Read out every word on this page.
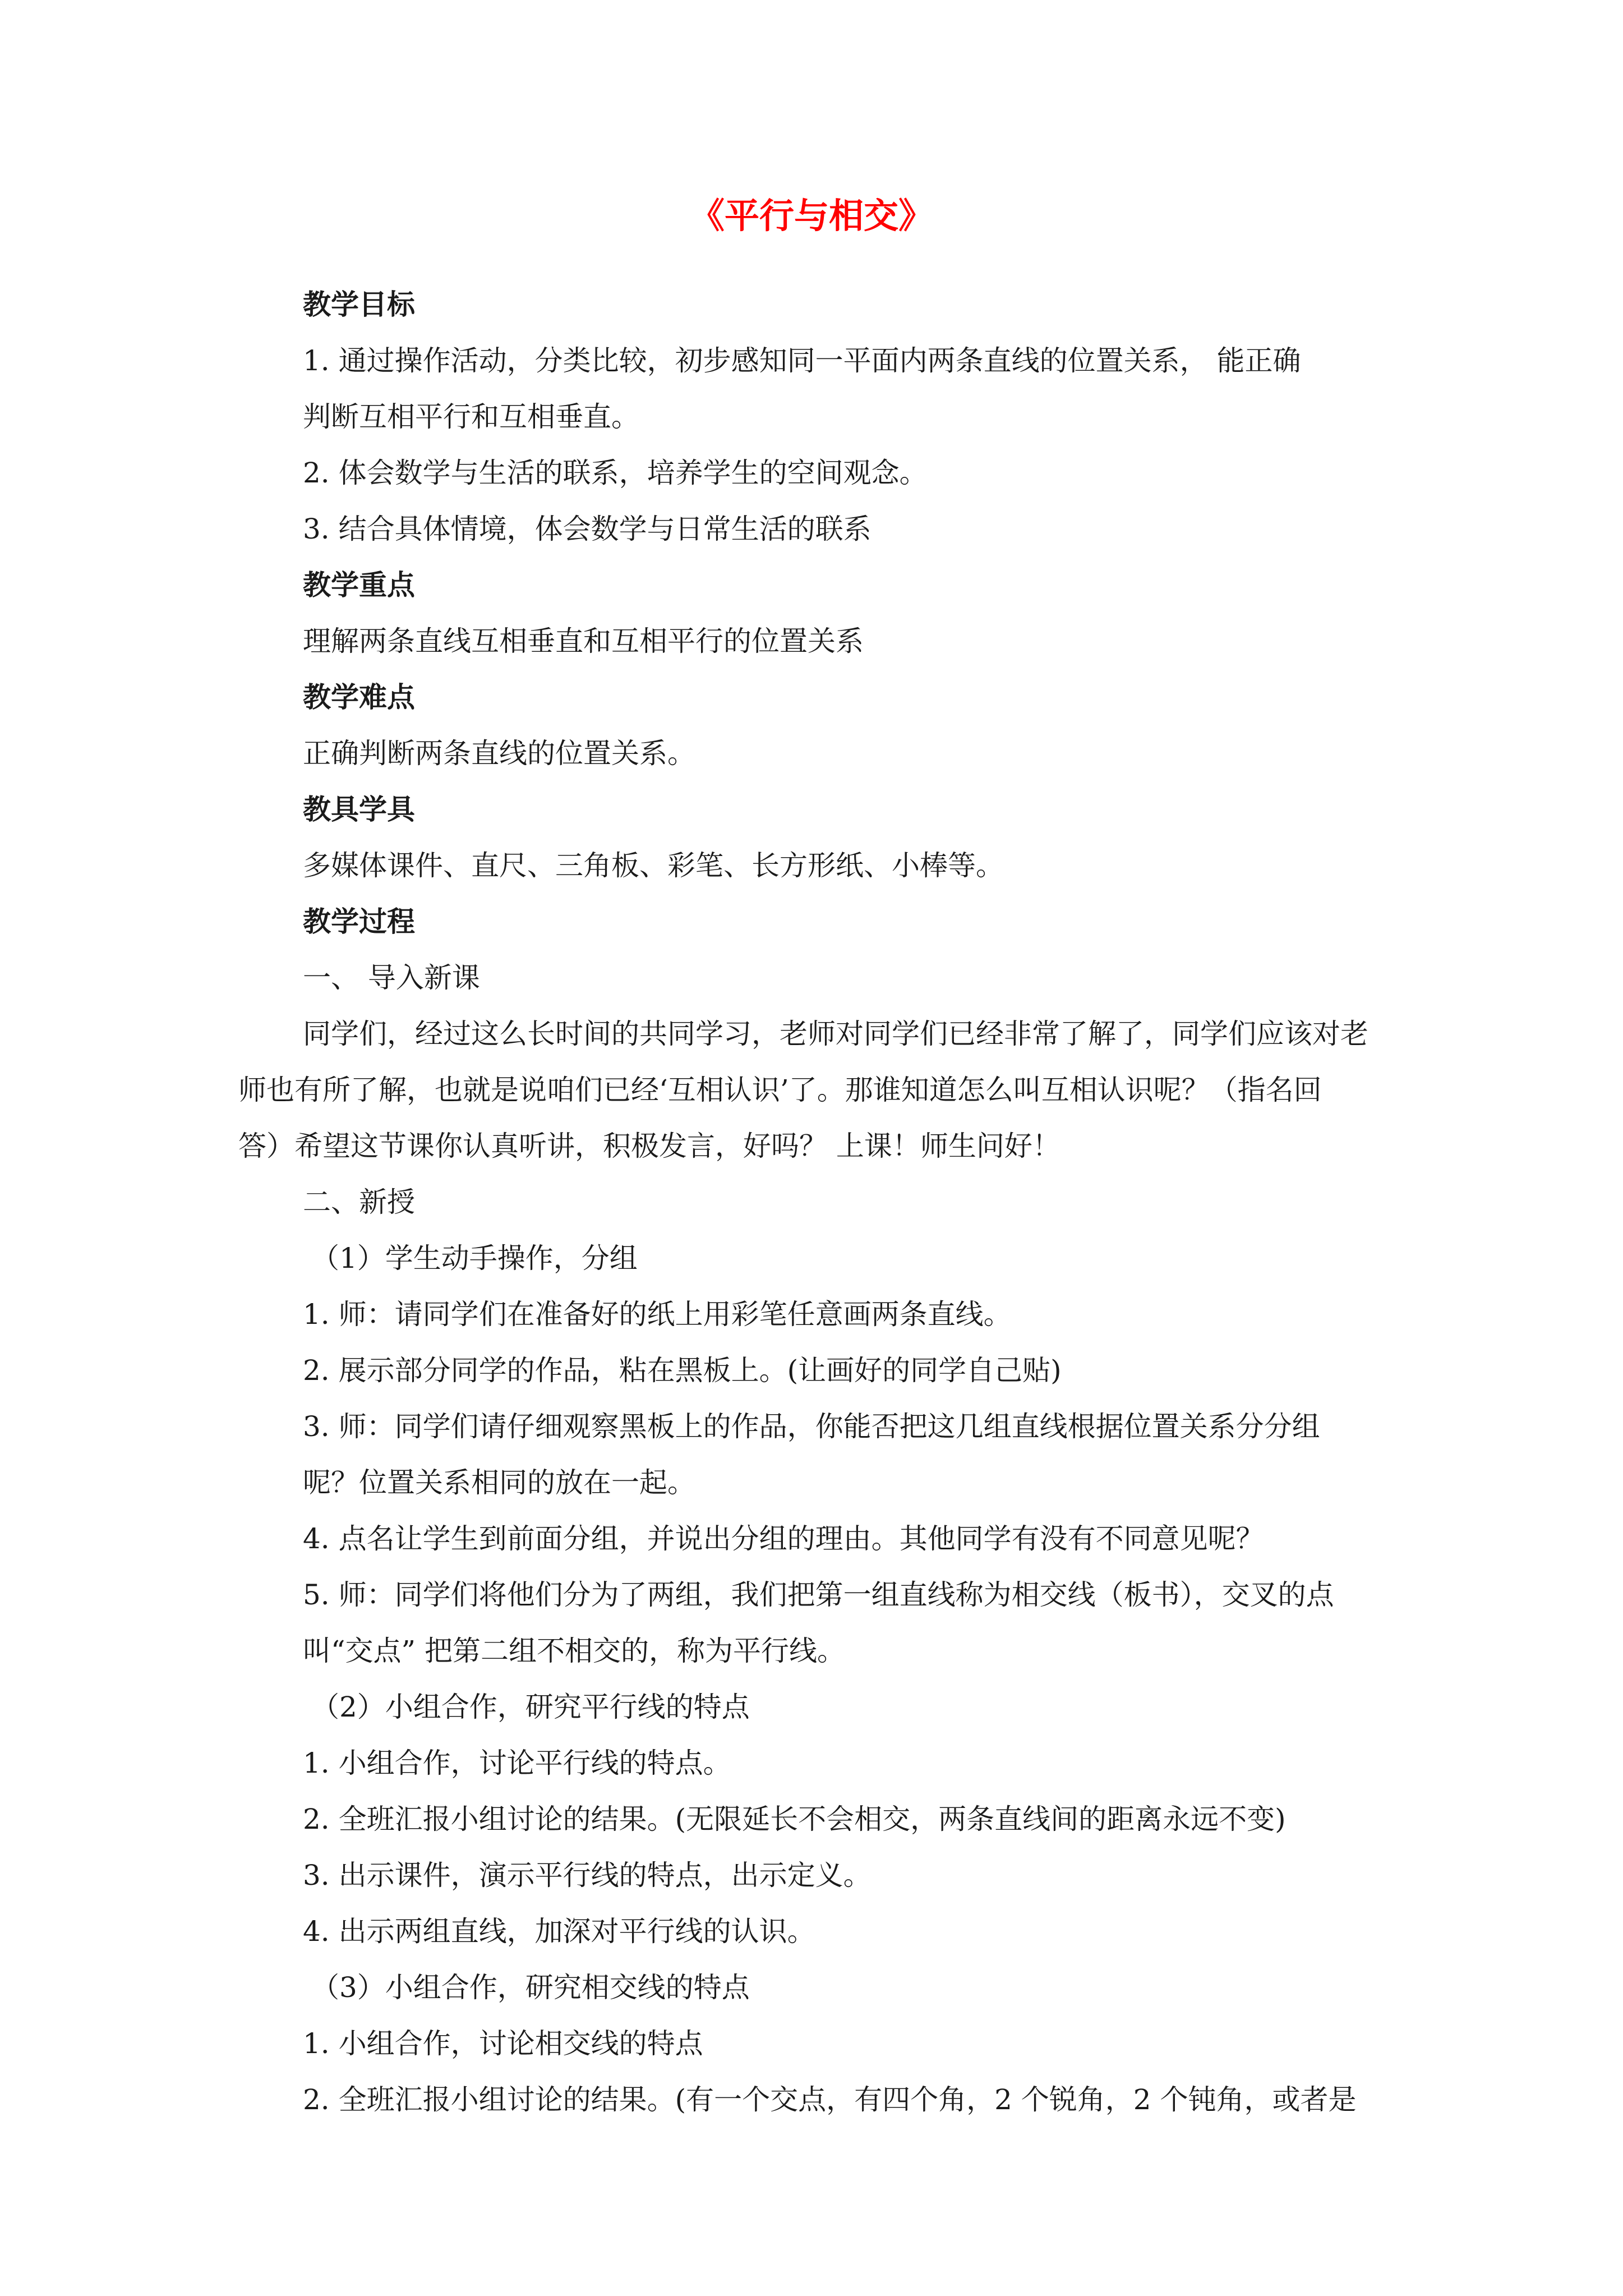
《平行与相交》
教学目标
1. 通过操作活动，分类比较，初步感知同一平面内两条直线的位置关系， 能正确
判断互相平行和互相垂直。
2. 体会数学与生活的联系，培养学生的空间观念。
3. 结合具体情境，体会数学与日常生活的联系
教学重点
理解两条直线互相垂直和互相平行的位置关系
教学难点
正确判断两条直线的位置关系。
教具学具
多媒体课件、直尺、三角板、彩笔、长方形纸、小棒等。
教学过程
一、 导入新课
同学们，经过这么长时间的共同学习，老师对同学们已经非常了解了，同学们应该对老
师也有所了解，也就是说咱们已经‘互相认识’了。那谁知道怎么叫互相认识呢？（指名回
答）希望这节课你认真听讲，积极发言，好吗？ 上课！师生问好！
二、新授
（1）学生动手操作，分组
1. 师：请同学们在准备好的纸上用彩笔任意画两条直线。
2. 展示部分同学的作品，粘在黑板上。(让画好的同学自己贴)
3. 师：同学们请仔细观察黑板上的作品，你能否把这几组直线根据位置关系分分组
呢？位置关系相同的放在一起。
4. 点名让学生到前面分组，并说出分组的理由。其他同学有没有不同意见呢？
5. 师：同学们将他们分为了两组，我们把第一组直线称为相交线（板书），交叉的点
叫“交点” 把第二组不相交的，称为平行线。
（2）小组合作，研究平行线的特点
1. 小组合作，讨论平行线的特点。
2. 全班汇报小组讨论的结果。(无限延长不会相交，两条直线间的距离永远不变)
3. 出示课件，演示平行线的特点，出示定义。
4. 出示两组直线，加深对平行线的认识。
（3）小组合作，研究相交线的特点
1. 小组合作，讨论相交线的特点
2. 全班汇报小组讨论的结果。(有一个交点，有四个角，2 个锐角，2 个钝角，或者是
